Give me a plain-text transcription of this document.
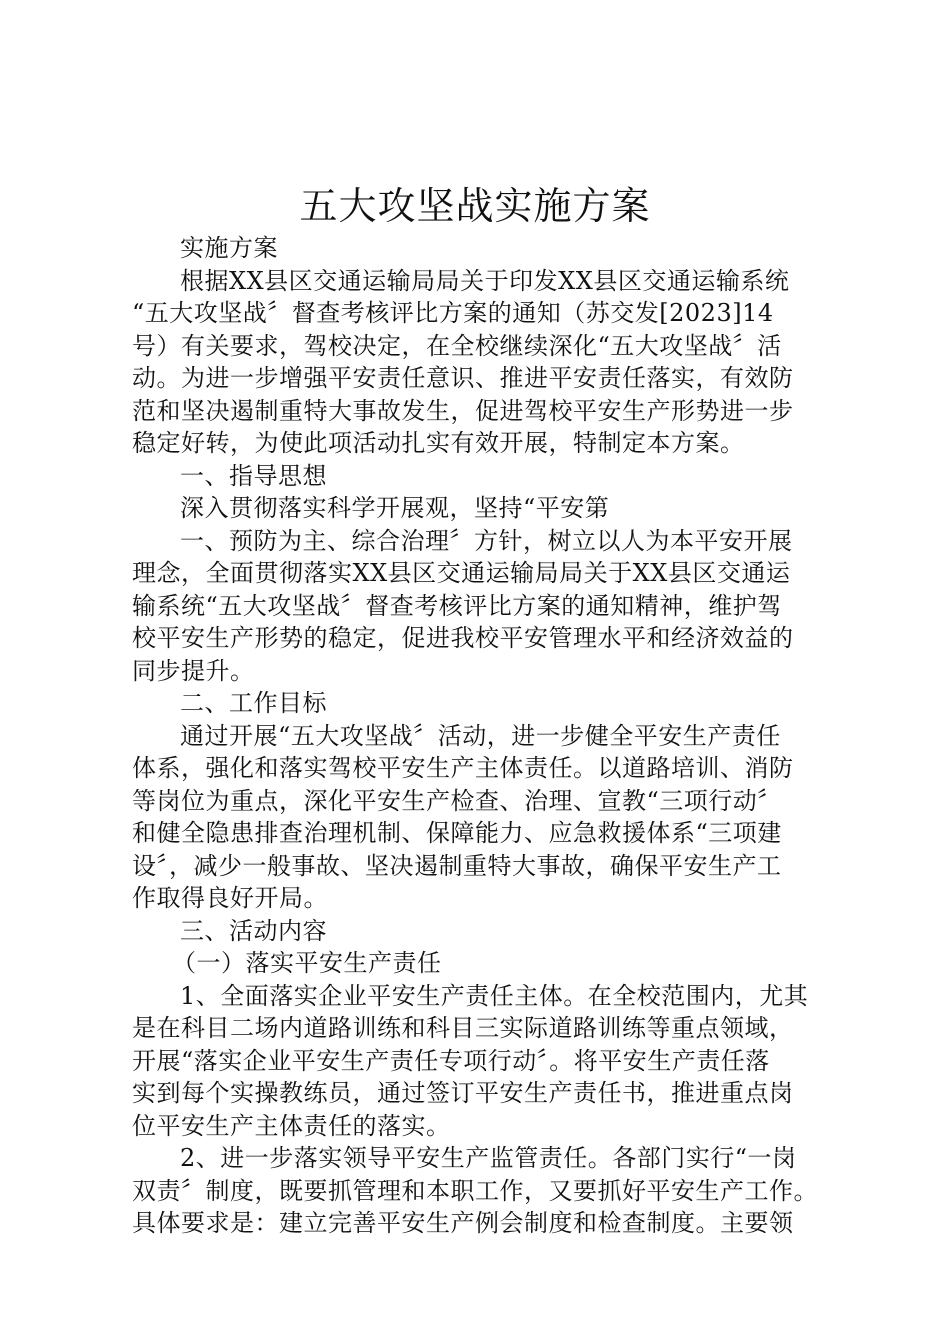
五大攻坚战实施方案
实施方案
根据XX县区交通运输局局关于印发XX县区交通运输系统
“五大攻坚战〞督查考核评比方案的通知（苏交发[2023]14
号）有关要求，驾校决定，在全校继续深化“五大攻坚战〞活
动。为进一步增强平安责任意识、推进平安责任落实，有效防
范和坚决遏制重特大事故发生，促进驾校平安生产形势进一步
稳定好转，为使此项活动扎实有效开展，特制定本方案。
一、指导思想
深入贯彻落实科学开展观，坚持“平安第
一、预防为主、综合治理〞方针，树立以人为本平安开展
理念，全面贯彻落实XX县区交通运输局局关于XX县区交通运
输系统“五大攻坚战〞督查考核评比方案的通知精神，维护驾
校平安生产形势的稳定，促进我校平安管理水平和经济效益的
同步提升。
二、工作目标
通过开展“五大攻坚战〞活动，进一步健全平安生产责任
体系，强化和落实驾校平安生产主体责任。以道路培训、消防
等岗位为重点，深化平安生产检查、治理、宣教“三项行动〞
和健全隐患排查治理机制、保障能力、应急救援体系“三项建
设〞，减少一般事故、坚决遏制重特大事故，确保平安生产工
作取得良好开局。
三、活动内容
（一）落实平安生产责任
1、全面落实企业平安生产责任主体。在全校范围内，尤其
是在科目二场内道路训练和科目三实际道路训练等重点领域，
开展“落实企业平安生产责任专项行动〞。将平安生产责任落
实到每个实操教练员，通过签订平安生产责任书，推进重点岗
位平安生产主体责任的落实。
2、进一步落实领导平安生产监管责任。各部门实行“一岗
双责〞制度，既要抓管理和本职工作，又要抓好平安生产工作。
具体要求是：建立完善平安生产例会制度和检查制度。主要领
